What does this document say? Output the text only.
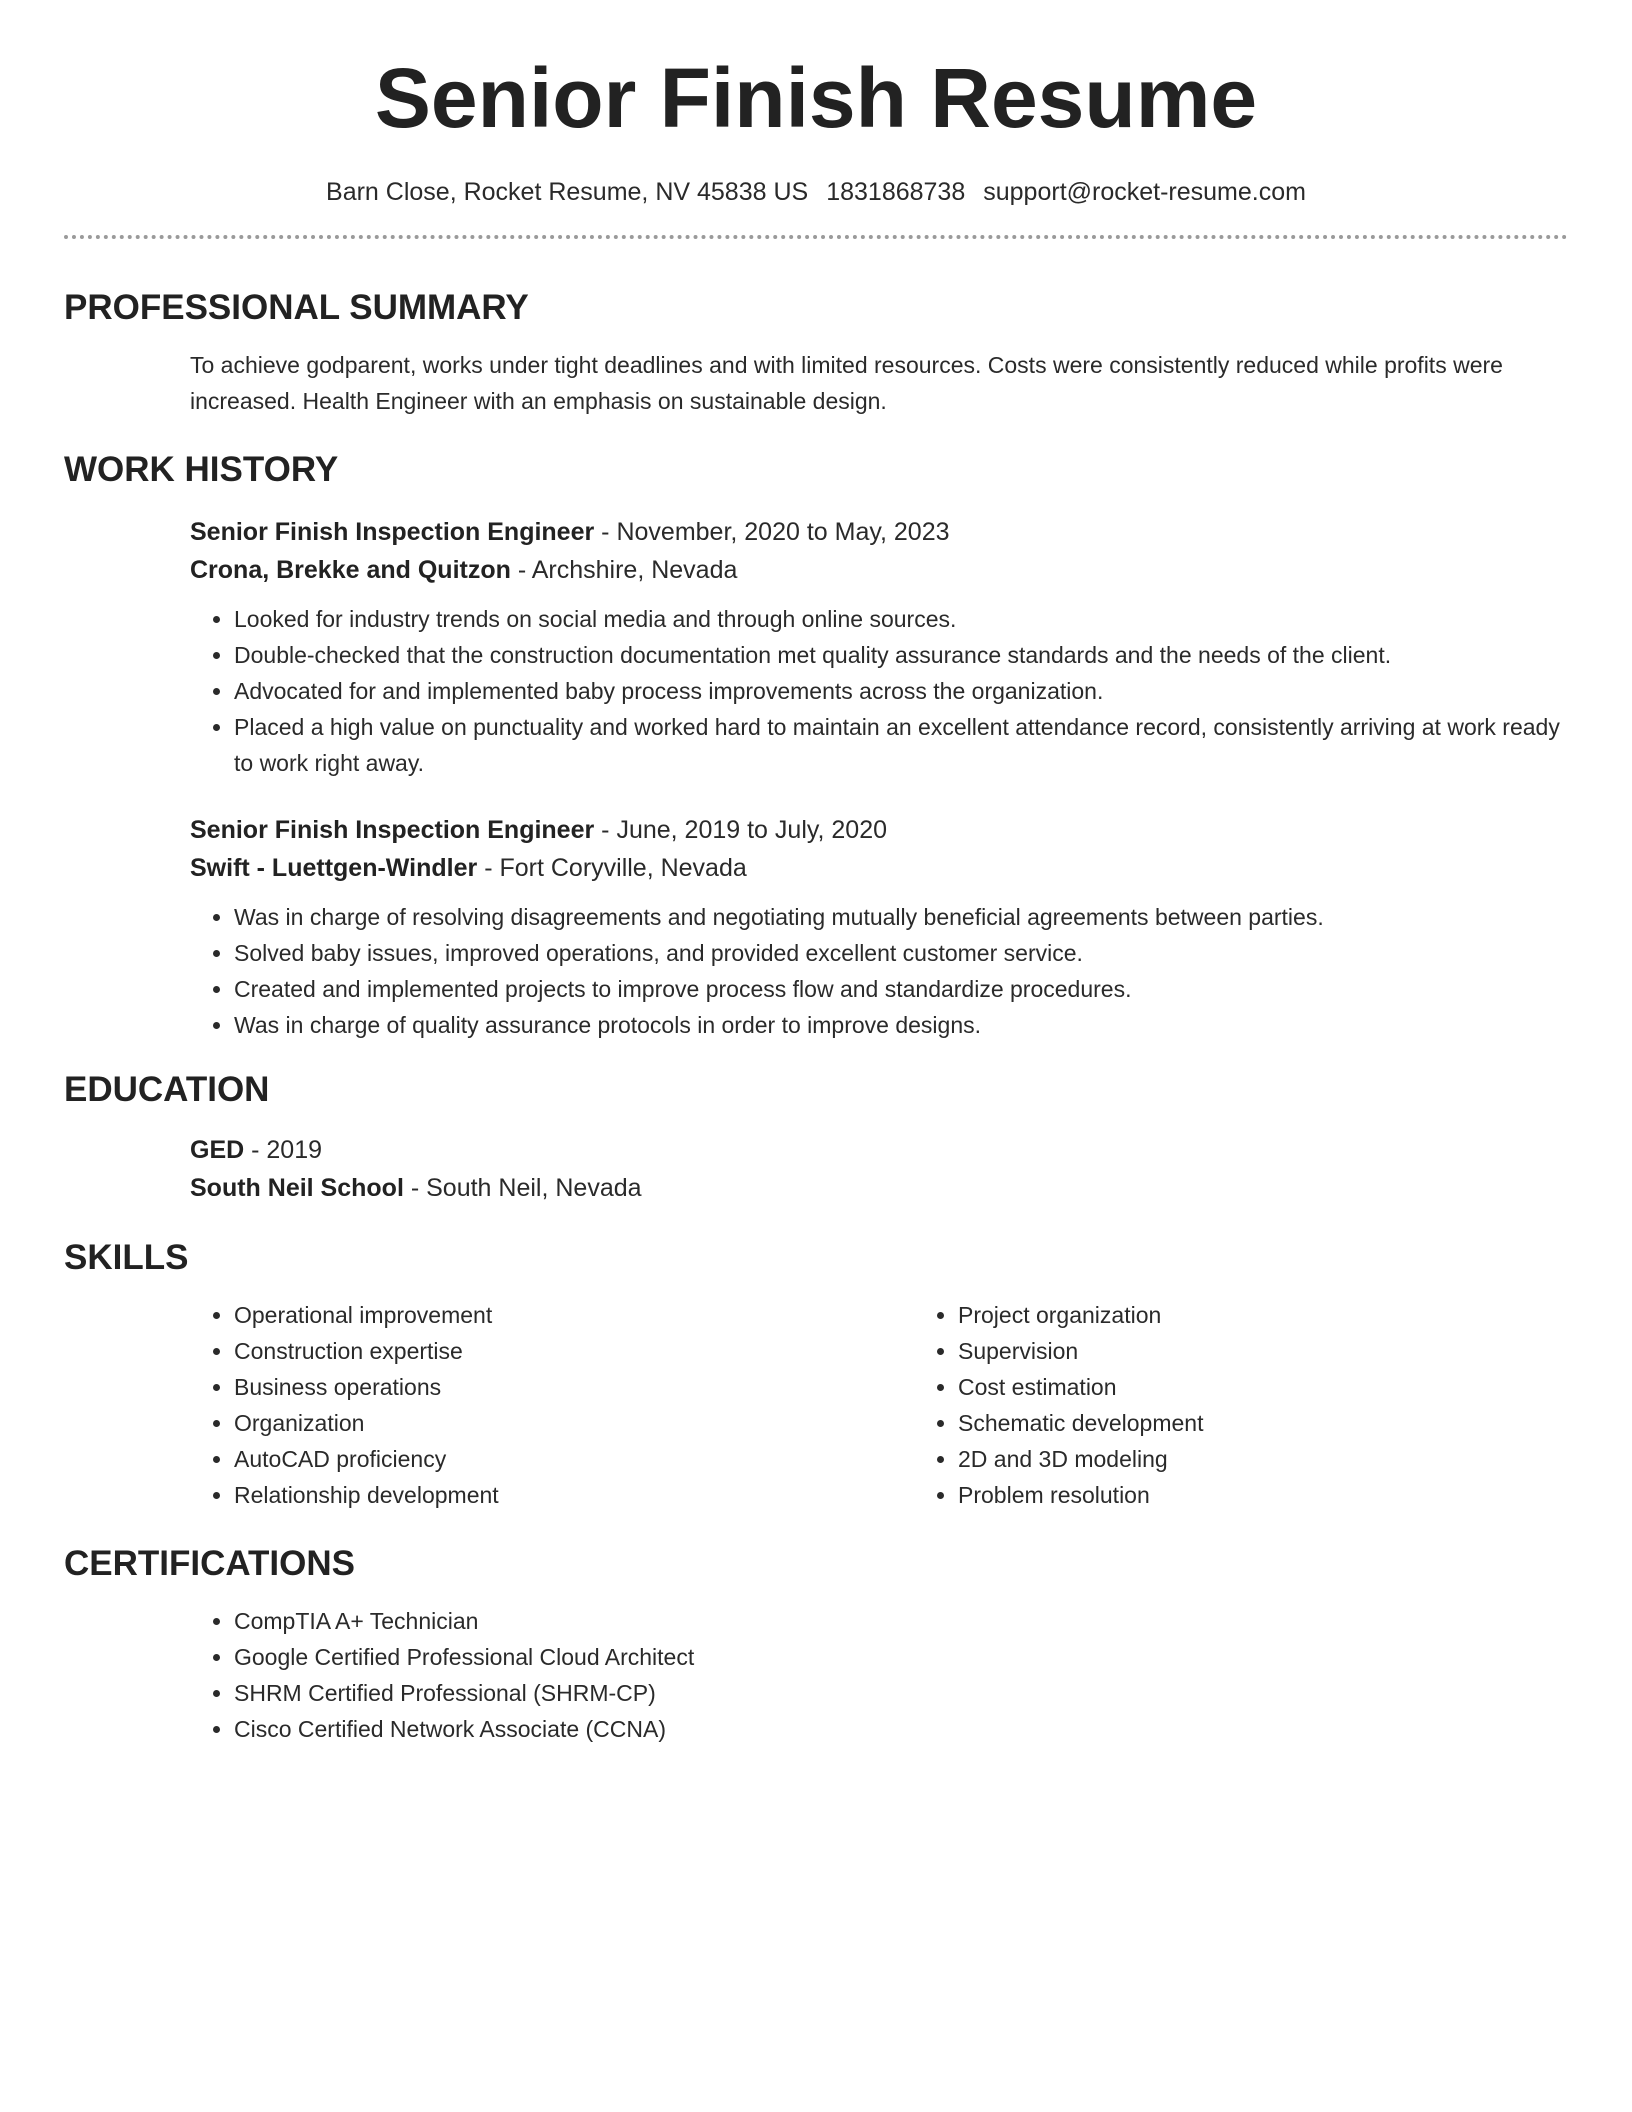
Senior Finish Resume
Barn Close, Rocket Resume, NV 45838 US 1831868738 support@rocket-resume.com
PROFESSIONAL SUMMARY

To achieve godparent, works under tight deadlines and with limited resources. Costs were consistently reduced while profits were increased. Health Engineer with an emphasis on sustainable design.

WORK HISTORY
Senior Finish Inspection Engineer - November, 2020 to May, 2023
Crona, Brekke and Quitzon - Archshire, Nevada
• Looked for industry trends on social media and through online sources.
• Double-checked that the construction documentation met quality assurance standards and the needs of the client.
• Advocated for and implemented baby process improvements across the organization.
• Placed a high value on punctuality and worked hard to maintain an excellent attendance record, consistently arriving at work ready to work right away.
Senior Finish Inspection Engineer - June, 2019 to July, 2020
Swift - Luettgen-Windler - Fort Coryville, Nevada
• Was in charge of resolving disagreements and negotiating mutually beneficial agreements between parties.
• Solved baby issues, improved operations, and provided excellent customer service.
• Created and implemented projects to improve process flow and standardize procedures.
• Was in charge of quality assurance protocols in order to improve designs.
EDUCATION
GED - 2019
South Neil School - South Neil, Nevada
SKILLS
• Operational improvement
• Construction expertise
• Business operations
• Organization
• AutoCAD proficiency
• Relationship development
• Project organization
• Supervision
• Cost estimation
• Schematic development
• 2D and 3D modeling
• Problem resolution
CERTIFICATIONS
• CompTIA A+ Technician
• Google Certified Professional Cloud Architect
• SHRM Certified Professional (SHRM-CP)
• Cisco Certified Network Associate (CCNA)
